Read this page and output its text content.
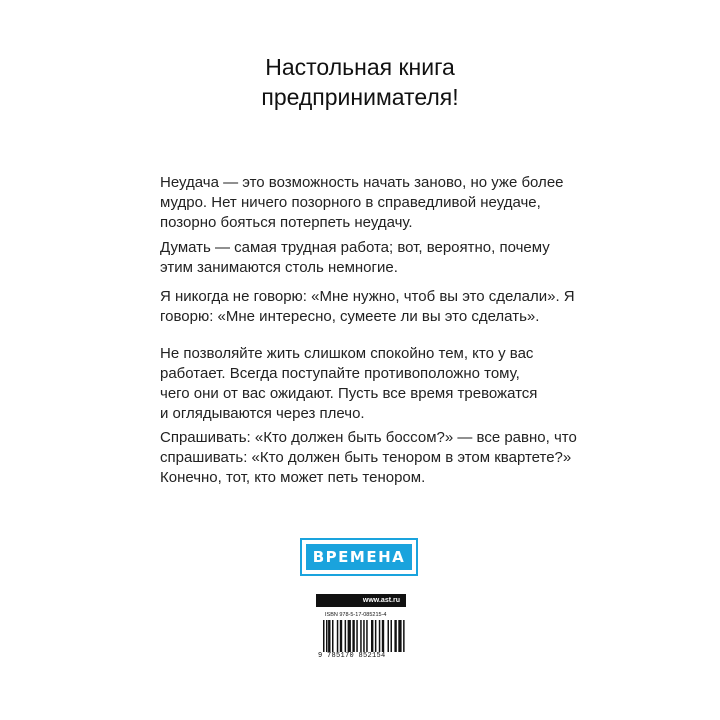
Настольная книга
предпринимателя!
Неудача — это возможность начать заново, но уже более
мудро. Нет ничего позорного в справедливой неудаче,
позорно бояться потерпеть неудачу.
Думать — самая трудная работа; вот, вероятно, почему
этим занимаются столь немногие.
Я никогда не говорю: «Мне нужно, чтоб вы это сделали». Я
говорю: «Мне интересно, сумеете ли вы это сделать».
Не позволяйте жить слишком спокойно тем, кто у вас
работает. Всегда поступайте противоположно тому,
чего они от вас ожидают. Пусть все время тревожатся
и оглядываются через плечо.
Спрашивать: «Кто должен быть боссом?» — все равно, что
спрашивать: «Кто должен быть тенором в этом квартете?»
Конечно, тот, кто может петь тенором.
ВРЕМЕНА
www.ast.ru
ISBN 978-5-17-085215-4
9 785170 852154
